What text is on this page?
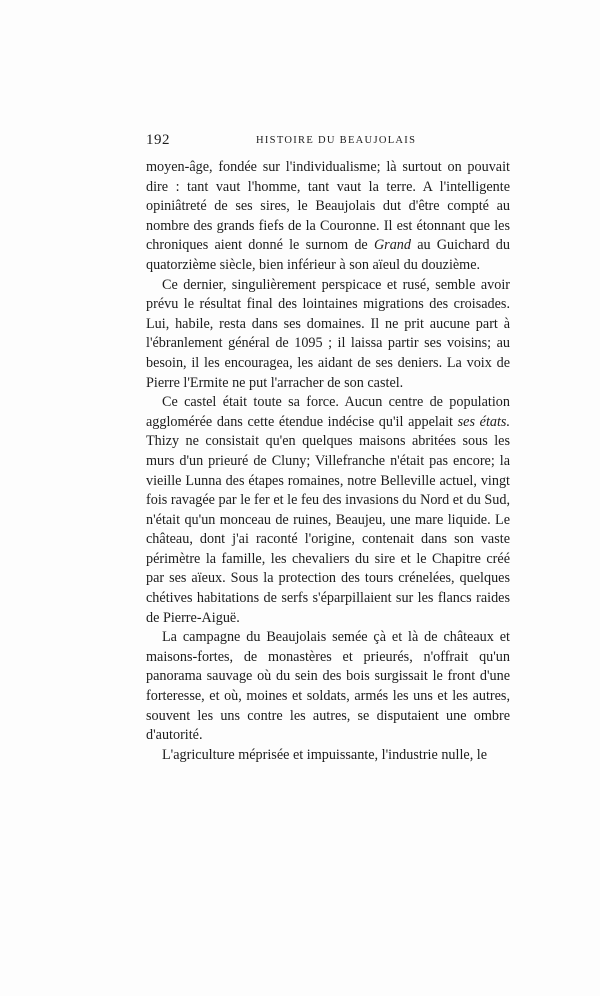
192	HISTOIRE DU BEAUJOLAIS

moyen-âge, fondée sur l'individualisme; là surtout on pouvait dire : tant vaut l'homme, tant vaut la terre. A l'intelligente opiniâtreté de ses sires, le Beaujolais dut d'être compté au nombre des grands fiefs de la Couronne. Il est étonnant que les chroniques aient donné le surnom de Grand au Guichard du quatorzième siècle, bien inférieur à son aïeul du douzième.

Ce dernier, singulièrement perspicace et rusé, semble avoir prévu le résultat final des lointaines migrations des croisades. Lui, habile, resta dans ses domaines. Il ne prit aucune part à l'ébranlement général de 1095 ; il laissa partir ses voisins; au besoin, il les encouragea, les aidant de ses deniers. La voix de Pierre l'Ermite ne put l'arracher de son castel.

Ce castel était toute sa force. Aucun centre de population agglomérée dans cette étendue indécise qu'il appelait ses états. Thizy ne consistait qu'en quelques maisons abritées sous les murs d'un prieuré de Cluny; Villefranche n'était pas encore; la vieille Lunna des étapes romaines, notre Belleville actuel, vingt fois ravagée par le fer et le feu des invasions du Nord et du Sud, n'était qu'un monceau de ruines, Beaujeu, une mare liquide. Le château, dont j'ai raconté l'origine, contenait dans son vaste périmètre la famille, les chevaliers du sire et le Chapitre créé par ses aïeux. Sous la protection des tours crénelées, quelques chétives habitations de serfs s'éparpillaient sur les flancs raides de Pierre-Aiguë.

La campagne du Beaujolais semée çà et là de châteaux et maisons-fortes, de monastères et prieurés, n'offrait qu'un panorama sauvage où du sein des bois surgissait le front d'une forteresse, et où, moines et soldats, armés les uns et les autres, souvent les uns contre les autres, se disputaient une ombre d'autorité.

L'agriculture méprisée et impuissante, l'industrie nulle, le
